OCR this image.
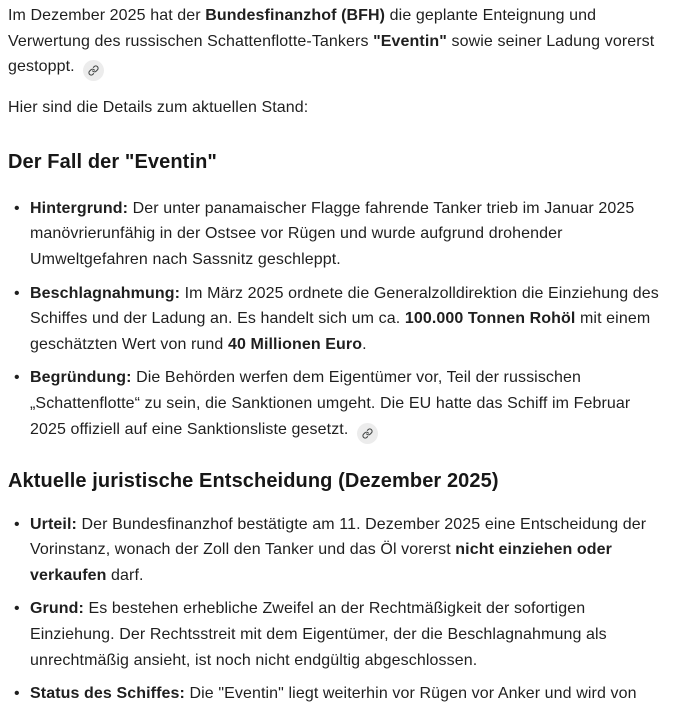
Im Dezember 2025 hat der Bundesfinanzhof (BFH) die geplante Enteignung und Verwertung des russischen Schattenflotte-Tankers "Eventin" sowie seiner Ladung vorerst gestoppt.

Hier sind die Details zum aktuellen Stand:

Der Fall der "Eventin"
• Hintergrund: Der unter panamaischer Flagge fahrende Tanker trieb im Januar 2025 manövrierunfähig in der Ostsee vor Rügen und wurde aufgrund drohender Umweltgefahren nach Sassnitz geschleppt.
• Beschlagnahmung: Im März 2025 ordnete die Generalzolldirektion die Einziehung des Schiffes und der Ladung an. Es handelt sich um ca. 100.000 Tonnen Rohöl mit einem geschätzten Wert von rund 40 Millionen Euro.
• Begründung: Die Behörden werfen dem Eigentümer vor, Teil der russischen „Schattenflotte“ zu sein, die Sanktionen umgeht. Die EU hatte das Schiff im Februar 2025 offiziell auf eine Sanktionsliste gesetzt.
Aktuelle juristische Entscheidung (Dezember 2025)
• Urteil: Der Bundesfinanzhof bestätigte am 11. Dezember 2025 eine Entscheidung der Vorinstanz, wonach der Zoll den Tanker und das Öl vorerst nicht einziehen oder verkaufen darf.
• Grund: Es bestehen erhebliche Zweifel an der Rechtmäßigkeit der sofortigen Einziehung. Der Rechtsstreit mit dem Eigentümer, der die Beschlagnahmung als unrechtmäßig ansieht, ist noch nicht endgültig abgeschlossen.
• Status des Schiffes: Die "Eventin" liegt weiterhin vor Rügen vor Anker und wird von
